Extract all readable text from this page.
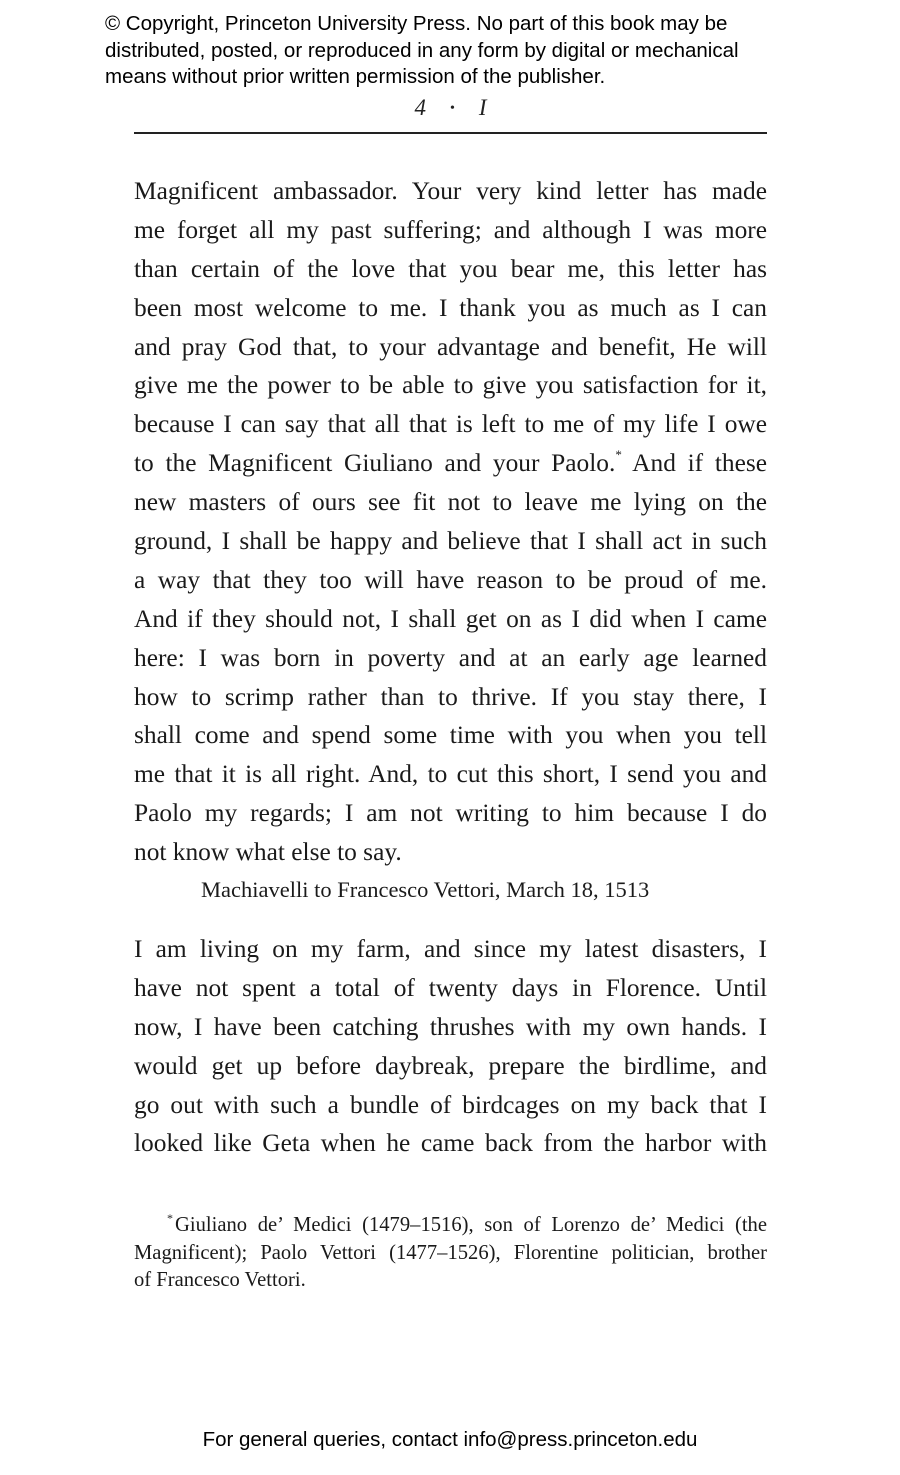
© Copyright, Princeton University Press. No part of this book may be
distributed, posted, or reproduced in any form by digital or mechanical
means without prior written permission of the publisher.
4 • I
Magnificent ambassador. Your very kind letter has made
me forget all my past suffering; and although I was more
than certain of the love that you bear me, this letter has
been most welcome to me. I thank you as much as I can
and pray God that, to your advantage and benefit, He will
give me the power to be able to give you satisfaction for it,
because I can say that all that is left to me of my life I owe
to the Magnificent Giuliano and your Paolo.* And if these
new masters of ours see fit not to leave me lying on the
ground, I shall be happy and believe that I shall act in such
a way that they too will have reason to be proud of me.
And if they should not, I shall get on as I did when I came
here: I was born in poverty and at an early age learned
how to scrimp rather than to thrive. If you stay there, I
shall come and spend some time with you when you tell
me that it is all right. And, to cut this short, I send you and
Paolo my regards; I am not writing to him because I do
not know what else to say.
Machiavelli to Francesco Vettori, March 18, 1513
I am living on my farm, and since my latest disasters, I
have not spent a total of twenty days in Florence. Until
now, I have been catching thrushes with my own hands. I
would get up before daybreak, prepare the birdlime, and
go out with such a bundle of birdcages on my back that I
looked like Geta when he came back from the harbor with
*Giuliano de’ Medici (1479–1516), son of Lorenzo de’ Medici (the
Magnificent); Paolo Vettori (1477–1526), Florentine politician, brother
of Francesco Vettori.
For general queries, contact info@press.princeton.edu
